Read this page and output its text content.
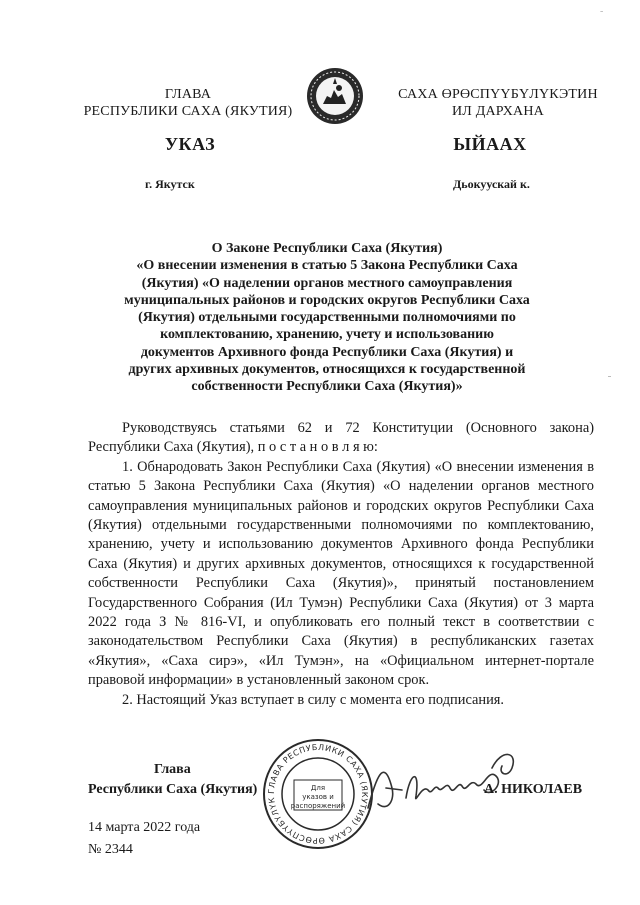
‐
ГЛАВА
РЕСПУБЛИКИ САХА (ЯКУТИЯ)
САХА ӨРӨСПҮҮБҮЛҮКЭТИН
ИЛ ДАРХАНА
УКАЗ	ЫЙААХ
г. Якутск	Дьокуускай к.
О Законе Республики Саха (Якутия)
«О внесении изменения в статью 5 Закона Республики Саха
(Якутия) «О наделении органов местного самоуправления
муниципальных районов и городских округов Республики Саха
(Якутия) отдельными государственными полномочиями по
комплектованию, хранению, учету и использованию
документов Архивного фонда Республики Саха (Якутия) и
других архивных документов, относящихся к государственной
собственности Республики Саха (Якутия)»

Руководствуясь статьями 62 и 72 Конституции (Основного закона) Республики Саха (Якутия), п о с т а н о в л я ю:

1. Обнародовать Закон Республики Саха (Якутия) «О внесении изменения в статью 5 Закона Республики Саха (Якутия) «О наделении органов местного самоуправления муниципальных районов и городских округов Республики Саха (Якутия) отдельными государственными полномочиями по комплектованию, хранению, учету и использованию документов Архивного фонда Республики Саха (Якутия) и других архивных документов, относящихся к государственной собственности Республики Саха (Якутия)», принятый постановлением Государственного Собрания (Ил Тумэн) Республики Саха (Якутия) от 3 марта 2022 года З № 816-VI, и опубликовать его полный текст в соответствии с законодательством Республики Саха (Якутия) в республиканских газетах «Якутия», «Саха сирэ», «Ил Тумэн», на «Официальном интернет-портале правовой информации» в установленный законом срок.

2. Настоящий Указ вступает в силу с момента его подписания.

ГЛАВА РЕСПУБЛИКИ САХА (ЯКУТИЯ) САХА ӨРӨСПҮҮБҮЛҮК
Для
указов и
распоряжений
Глава
Республики Саха (Якутия)	А. НИКОЛАЕВ
14 марта 2022 года
№ 2344
